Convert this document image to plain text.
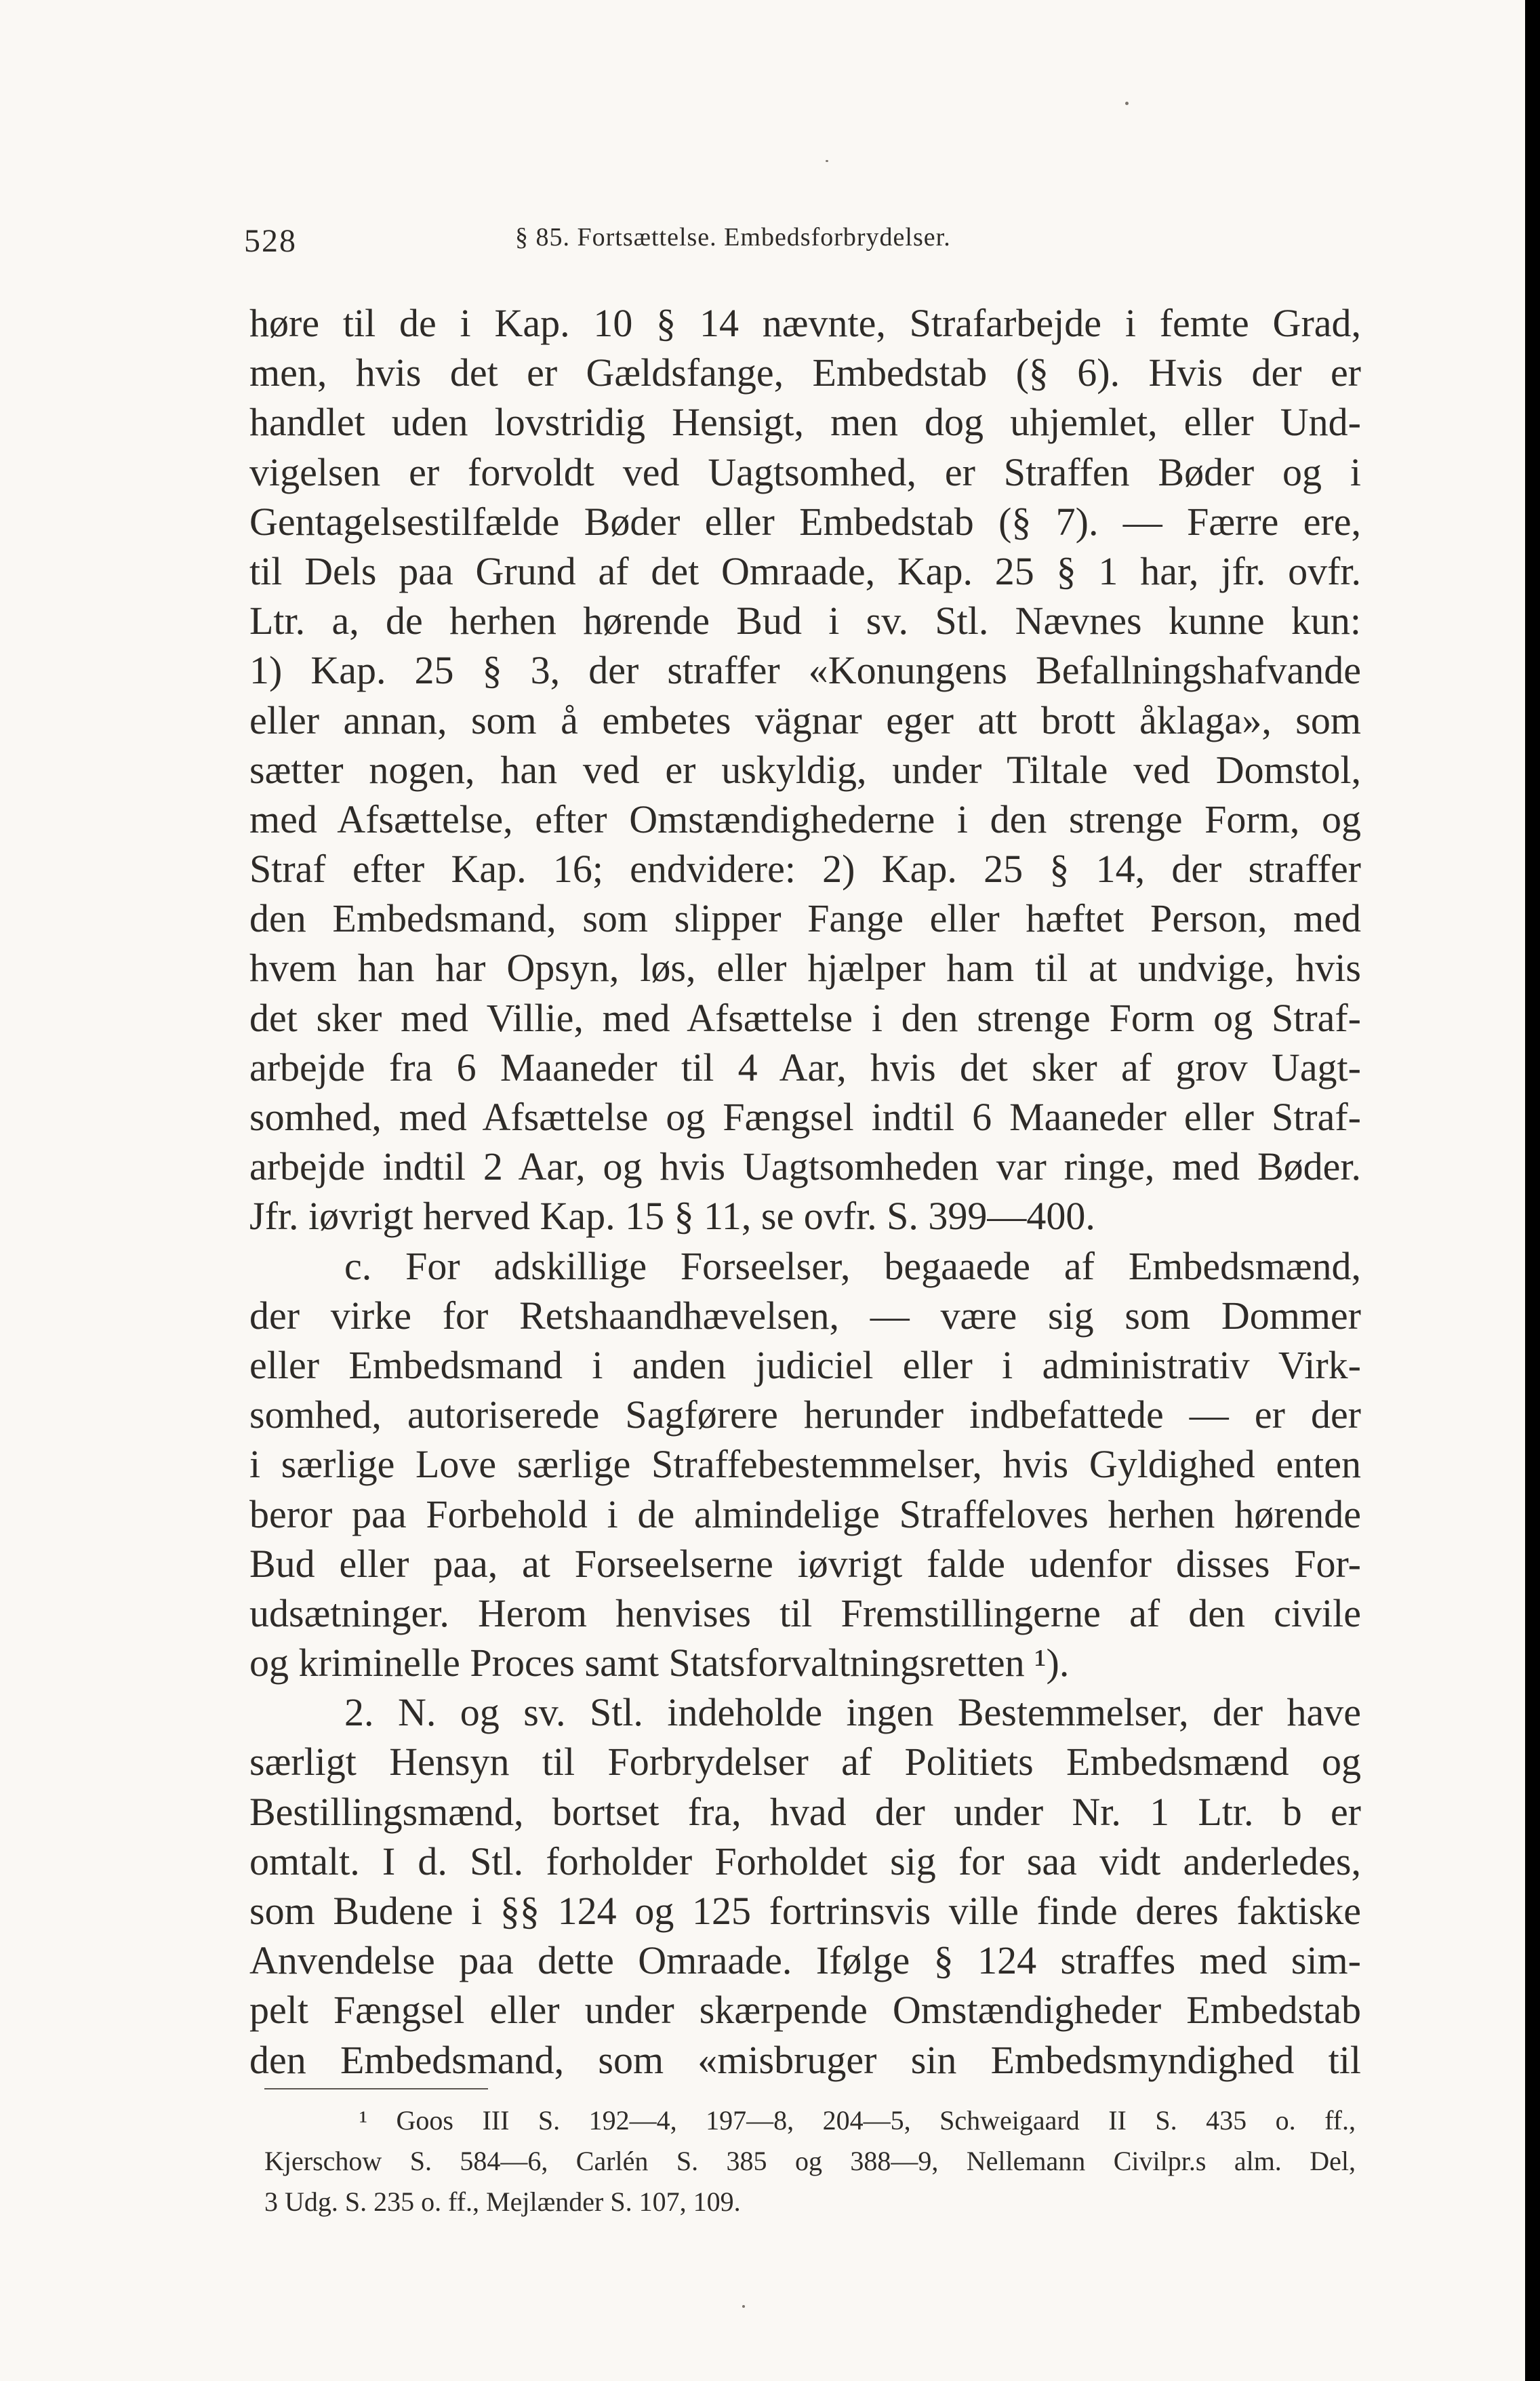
528	§ 85. Fortsættelse. Embedsforbrydelser.
høre til de i Kap. 10 § 14 nævnte, Strafarbejde i femte Grad,
men, hvis det er Gældsfange, Embedstab (§ 6). Hvis der er
handlet uden lovstridig Hensigt, men dog uhjemlet, eller Und-
vigelsen er forvoldt ved Uagtsomhed, er Straffen Bøder og i
Gentagelsestilfælde Bøder eller Embedstab (§ 7). — Færre ere,
til Dels paa Grund af det Omraade, Kap. 25 § 1 har, jfr. ovfr.
Ltr. a, de herhen hørende Bud i sv. Stl. Nævnes kunne kun:
1) Kap. 25 § 3, der straffer «Konungens Befallningshafvande
eller annan, som å embetes vägnar eger att brott åklaga», som
sætter nogen, han ved er uskyldig, under Tiltale ved Domstol,
med Afsættelse, efter Omstændighederne i den strenge Form, og
Straf efter Kap. 16; endvidere: 2) Kap. 25 § 14, der straffer
den Embedsmand, som slipper Fange eller hæftet Person, med
hvem han har Opsyn, løs, eller hjælper ham til at undvige, hvis
det sker med Villie, med Afsættelse i den strenge Form og Straf-
arbejde fra 6 Maaneder til 4 Aar, hvis det sker af grov Uagt-
somhed, med Afsættelse og Fængsel indtil 6 Maaneder eller Straf-
arbejde indtil 2 Aar, og hvis Uagtsomheden var ringe, med Bøder.
Jfr. iøvrigt herved Kap. 15 § 11, se ovfr. S. 399—400.
c. For adskillige Forseelser, begaaede af Embedsmænd,
der virke for Retshaandhævelsen, — være sig som Dommer
eller Embedsmand i anden judiciel eller i administrativ Virk-
somhed, autoriserede Sagførere herunder indbefattede — er der
i særlige Love særlige Straffebestemmelser, hvis Gyldighed enten
beror paa Forbehold i de almindelige Straffeloves herhen hørende
Bud eller paa, at Forseelserne iøvrigt falde udenfor disses For-
udsætninger. Herom henvises til Fremstillingerne af den civile
og kriminelle Proces samt Statsforvaltningsretten ¹).
2. N. og sv. Stl. indeholde ingen Bestemmelser, der have
særligt Hensyn til Forbrydelser af Politiets Embedsmænd og
Bestillingsmænd, bortset fra, hvad der under Nr. 1 Ltr. b er
omtalt. I d. Stl. forholder Forholdet sig for saa vidt anderledes,
som Budene i §§ 124 og 125 fortrinsvis ville finde deres faktiske
Anvendelse paa dette Omraade. Ifølge § 124 straffes med sim-
pelt Fængsel eller under skærpende Omstændigheder Embedstab
den Embedsmand, som «misbruger sin Embedsmyndighed til
¹ Goos III S. 192—4, 197—8, 204—5, Schweigaard II S. 435 o. ff.,
Kjerschow S. 584—6, Carlén S. 385 og 388—9, Nellemann Civilpr.s alm. Del,
3 Udg. S. 235 o. ff., Mejlænder S. 107, 109.
